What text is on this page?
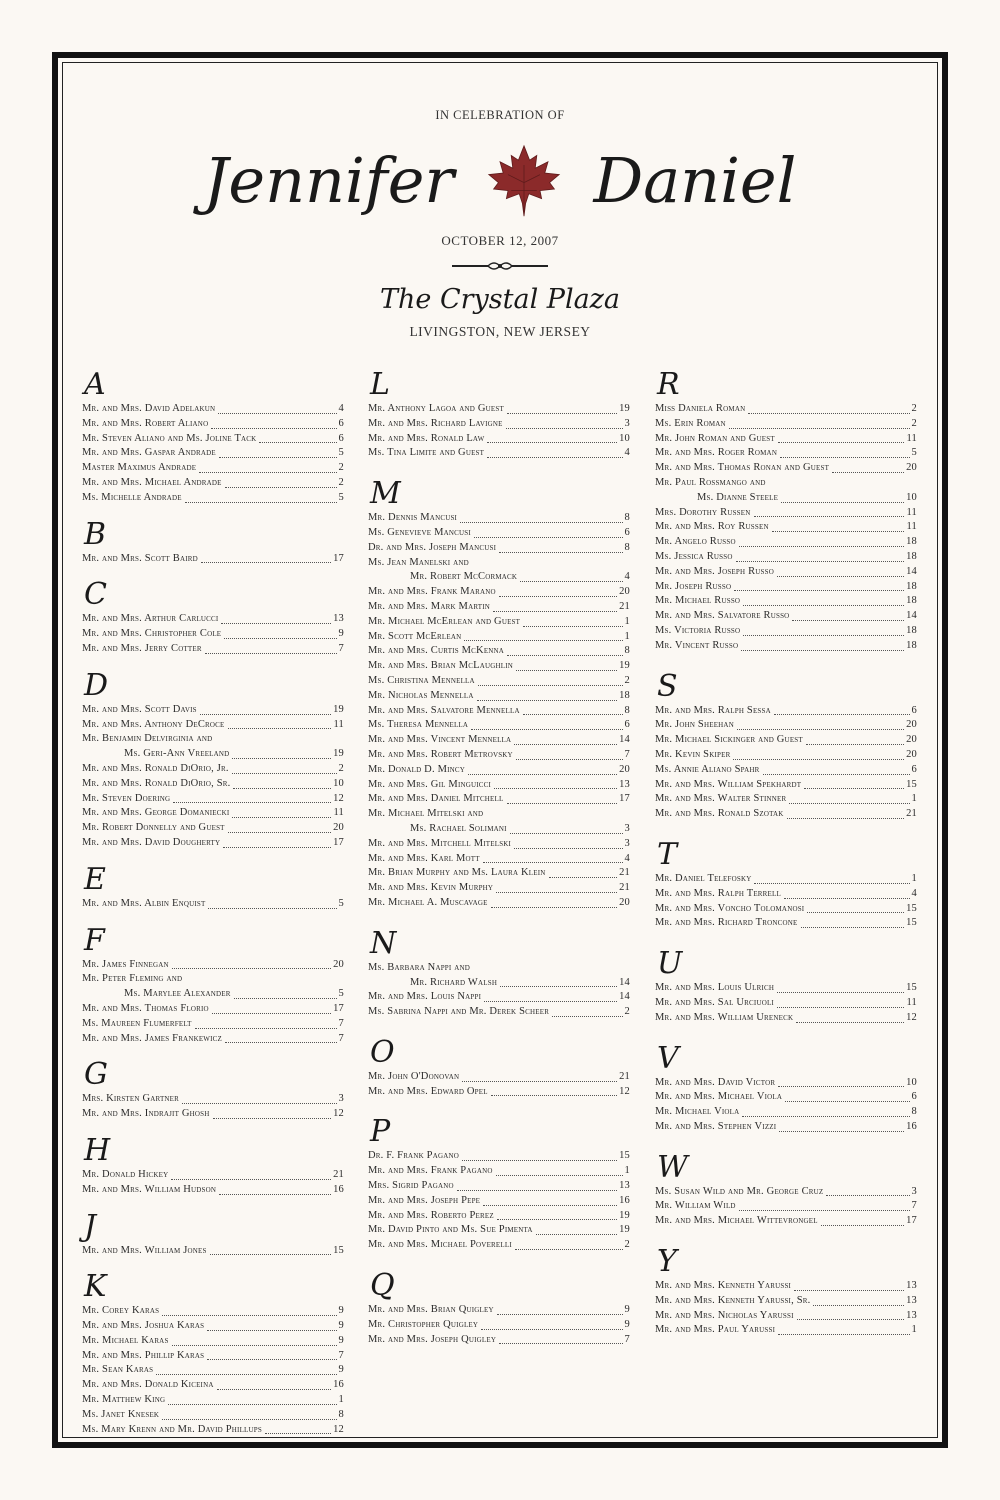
IN CELEBRATION OF
Jennifer Daniel
OCTOBER 12, 2007
The Crystal Plaza
LIVINGSTON, NEW JERSEY
A
Mr. and Mrs. David Adelakun	4
Mr. and Mrs. Robert Aliano	6
Mr. Steven Aliano and Ms. Joline Tack	6
Mr. and Mrs. Gaspar Andrade	5
Master Maximus Andrade	2
Mr. and Mrs. Michael Andrade	2
Ms. Michelle Andrade	5
B
Mr. and Mrs. Scott Baird	17
C
Mr. and Mrs. Arthur Carlucci	13
Mr. and Mrs. Christopher Cole	9
Mr. and Mrs. Jerry Cotter	7
D
Mr. and Mrs. Scott Davis	19
Mr. and Mrs. Anthony DeCroce	11
Mr. Benjamin Delvirginia and
Ms. Geri-Ann Vreeland	19
Mr. and Mrs. Ronald DiOrio, Jr.	2
Mr. and Mrs. Ronald DiOrio, Sr.	10
Mr. Steven Doering	12
Mr. and Mrs. George Domaniecki	11
Mr. Robert Donnelly and Guest	20
Mr. and Mrs. David Dougherty	17
E
Mr. and Mrs. Albin Enquist	5
F
Mr. James Finnegan	20
Mr. Peter Fleming and
Ms. Marylee Alexander	5
Mr. and Mrs. Thomas Florio	17
Ms. Maureen Flumerfelt	7
Mr. and Mrs. James Frankewicz	7
G
Mrs. Kirsten Gartner	3
Mr. and Mrs. Indrajit Ghosh	12
H
Mr. Donald Hickey	21
Mr. and Mrs. William Hudson	16
J
Mr. and Mrs. William Jones	15
K
Mr. Corey Karas	9
Mr. and Mrs. Joshua Karas	9
Mr. Michael Karas	9
Mr. and Mrs. Phillip Karas	7
Mr. Sean Karas	9
Mr. and Mrs. Donald Kiceina	16
Mr. Matthew King	1
Ms. Janet Knesek	8
Ms. Mary Krenn and Mr. David Phillups	12
L
Mr. Anthony Lagoa and Guest	19
Mr. and Mrs. Richard Lavigne	3
Mr. and Mrs. Ronald Law	10
Ms. Tina Limite and Guest	4
M
Mr. Dennis Mancusi	8
Ms. Genevieve Mancusi	6
Dr. and Mrs. Joseph Mancusi	8
Ms. Jean Manelski and
Mr. Robert McCormack	4
Mr. and Mrs. Frank Marano	20
Mr. and Mrs. Mark Martin	21
Mr. Michael McErlean and Guest	1
Mr. Scott McErlean	1
Mr. and Mrs. Curtis McKenna	8
Mr. and Mrs. Brian McLaughlin	19
Ms. Christina Mennella	2
Mr. Nicholas Mennella	18
Mr. and Mrs. Salvatore Mennella	8
Ms. Theresa Mennella	6
Mr. and Mrs. Vincent Mennella	14
Mr. and Mrs. Robert Metrovsky	7
Mr. Donald D. Mincy	20
Mr. and Mrs. Gil Minguicci	13
Mr. and Mrs. Daniel Mitchell	17
Mr. Michael Mitelski and
Ms. Rachael Solimani	3
Mr. and Mrs. Mitchell Mitelski	3
Mr. and Mrs. Karl Mott	4
Mr. Brian Murphy and Ms. Laura Klein	21
Mr. and Mrs. Kevin Murphy	21
Mr. Michael A. Muscavage	20
N
Ms. Barbara Nappi and
Mr. Richard Walsh	14
Mr. and Mrs. Louis Nappi	14
Ms. Sabrina Nappi and Mr. Derek Scheer	2
O
Mr. John O'Donovan	21
Mr. and Mrs. Edward Opel	12
P
Dr. F. Frank Pagano	15
Mr. and Mrs. Frank Pagano	1
Mrs. Sigrid Pagano	13
Mr. and Mrs. Joseph Pepe	16
Mr. and Mrs. Roberto Perez	19
Mr. David Pinto and Ms. Sue Pimenta	19
Mr. and Mrs. Michael Poverelli	2
Q
Mr. and Mrs. Brian Quigley	9
Mr. Christopher Quigley	9
Mr. and Mrs. Joseph Quigley	7
R
Miss Daniela Roman	2
Ms. Erin Roman	2
Mr. John Roman and Guest	11
Mr. and Mrs. Roger Roman	5
Mr. and Mrs. Thomas Ronan and Guest	20
Mr. Paul Rossmango and
Ms. Dianne Steele	10
Mrs. Dorothy Russen	11
Mr. and Mrs. Roy Russen	11
Mr. Angelo Russo	18
Ms. Jessica Russo	18
Mr. and Mrs. Joseph Russo	14
Mr. Joseph Russo	18
Mr. Michael Russo	18
Mr. and Mrs. Salvatore Russo	14
Ms. Victoria Russo	18
Mr. Vincent Russo	18
S
Mr. and Mrs. Ralph Sessa	6
Mr. John Sheehan	20
Mr. Michael Sickinger and Guest	20
Mr. Kevin Skiper	20
Ms. Annie Aliano Spahr	6
Mr. and Mrs. William Spekhardt	15
Mr. and Mrs. Walter Stinner	1
Mr. and Mrs. Ronald Szotak	21
T
Mr. Daniel Telefosky	1
Mr. and Mrs. Ralph Terrell	4
Mr. and Mrs. Voncho Tolomanosi	15
Mr. and Mrs. Richard Troncone	15
U
Mr. and Mrs. Louis Ulrich	15
Mr. and Mrs. Sal Urciuoli	11
Mr. and Mrs. William Ureneck	12
V
Mr. and Mrs. David Victor	10
Mr. and Mrs. Michael Viola	6
Mr. Michael Viola	8
Mr. and Mrs. Stephen Vizzi	16
W
Ms. Susan Wild and Mr. George Cruz	3
Mr. William Wild	7
Mr. and Mrs. Michael Wittevrongel	17
Y
Mr. and Mrs. Kenneth Yarussi	13
Mr. and Mrs. Kenneth Yarussi, Sr.	13
Mr. and Mrs. Nicholas Yarussi	13
Mr. and Mrs. Paul Yarussi	1
